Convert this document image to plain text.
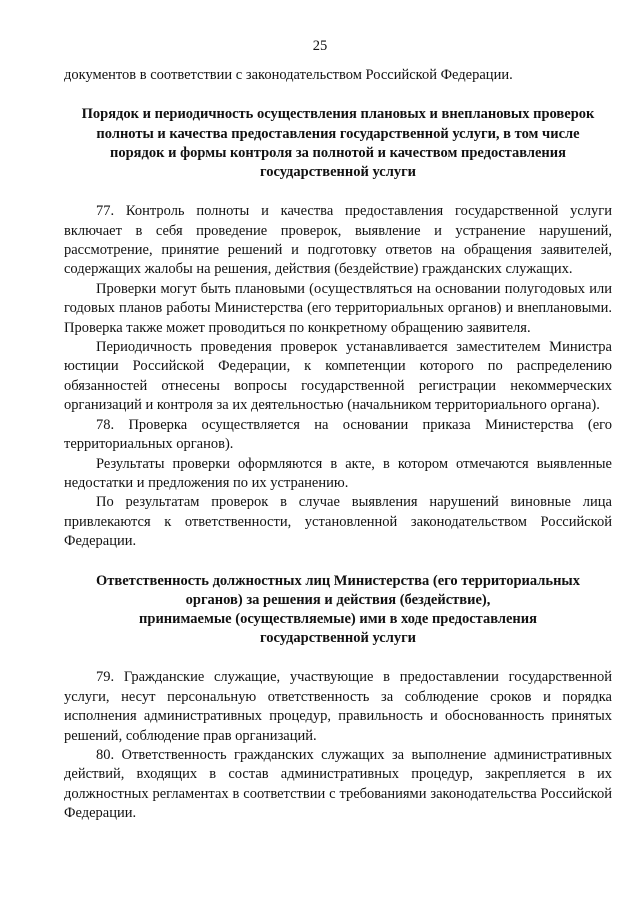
25

документов в соответствии с законодательством Российской Федерации.

Порядок и периодичность осуществления плановых и внеплановых проверок
полноты и качества предоставления государственной услуги, в том числе
порядок и формы контроля за полнотой и качеством предоставления
государственной услуги

77. Контроль полноты и качества предоставления государственной услуги включает в себя проведение проверок, выявление и устранение нарушений, рассмотрение, принятие решений и подготовку ответов на обращения заявителей, содержащих жалобы на решения, действия (бездействие) гражданских служащих.

Проверки могут быть плановыми (осуществляться на основании полугодовых или годовых планов работы Министерства (его территориальных органов) и внеплановыми. Проверка также может проводиться по конкретному обращению заявителя.

Периодичность проведения проверок устанавливается заместителем Министра юстиции Российской Федерации, к компетенции которого по распределению обязанностей отнесены вопросы государственной регистрации некоммерческих организаций и контроля за их деятельностью (начальником территориального органа).

78. Проверка осуществляется на основании приказа Министерства (его территориальных органов).

Результаты проверки оформляются в акте, в котором отмечаются выявленные недостатки и предложения по их устранению.

По результатам проверок в случае выявления нарушений виновные лица привлекаются к ответственности, установленной законодательством Российской Федерации.

Ответственность должностных лиц Министерства (его территориальных
органов) за решения и действия (бездействие),
принимаемые (осуществляемые) ими в ходе предоставления
государственной услуги

79. Гражданские служащие, участвующие в предоставлении государственной услуги, несут персональную ответственность за соблюдение сроков и порядка исполнения административных процедур, правильность и обоснованность принятых решений, соблюдение прав организаций.

80. Ответственность гражданских служащих за выполнение административных действий, входящих в состав административных процедур, закрепляется в их должностных регламентах в соответствии с требованиями законодательства Российской Федерации.
